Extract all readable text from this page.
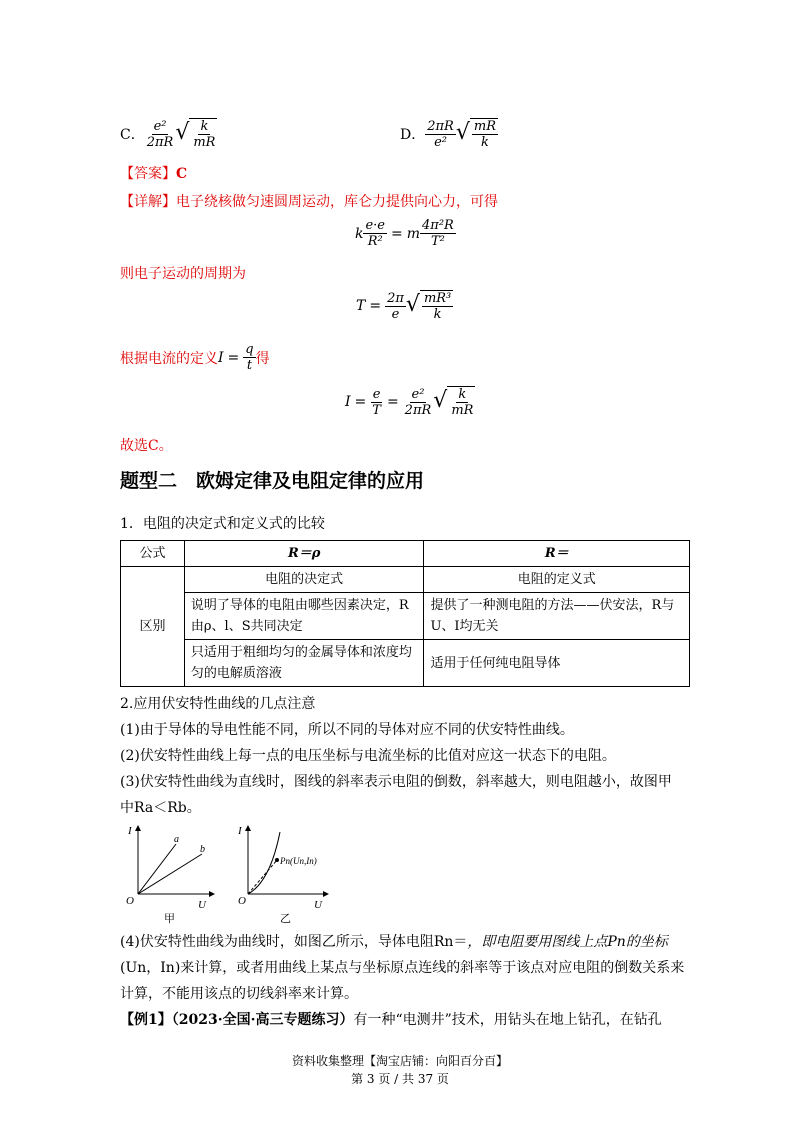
C． $\frac{\text{e²}}{2\pi R}$ √ $\frac{k}{mR}$	D． $\frac{2\pi R}{\text{e²}}$ √ $\frac{mR}{k}$
【答案】C
【详解】电子绕核做匀速圆周运动，库仑力提供向心力，可得
k $\frac{e\cdot e}{\text{R²}} = m \frac{\text{4π²R}}{\text{T²}}$
则电子运动的周期为
$T = \frac{2\pi}{e}$ √ $\frac{\text{mR³}}{k}$
根据电流的定义 $I = \frac{q}{t}$ 得
$I = \frac{e}{T} = \frac{\text{e²}}{2\pi R}$ √ $\frac{k}{mR}$
故选C。
题型二　欧姆定律及电阻定律的应用
1．电阻的决定式和定义式的比较
公式	R＝ρ	R＝
区别	电阻的决定式	电阻的定义式
	说明了导体的电阻由哪些因素决定，R由ρ、l、S共同决定	提供了一种测电阻的方法——伏安法，R与U、I均无关
	只适用于粗细均匀的金属导体和浓度均匀的电解质溶液	适用于任何纯电阻导体
2.应用伏安特性曲线的几点注意
(1)由于导体的导电性能不同，所以不同的导体对应不同的伏安特性曲线。
(2)伏安特性曲线上每一点的电压坐标与电流坐标的比值对应这一状态下的电阻。
(3)伏安特性曲线为直线时，图线的斜率表示电阻的倒数，斜率越大，则电阻越小，故图甲
中Ra＜Rb。
I
U
O
a
b
甲
I
U
O
Pn(Un,In)
乙
(4)伏安特性曲线为曲线时，如图乙所示，导体电阻Rn＝，即电阻要用图线上点Pn的坐标
(Un，In)来计算，或者用曲线上某点与坐标原点连线的斜率等于该点对应电阻的倒数关系来
计算，不能用该点的切线斜率来计算。
【例1】（2023·全国·高三专题练习）有一种“电测井”技术，用钻头在地上钻孔，在钻孔
资料收集整理【淘宝店铺：向阳百分百】
第 3 页 / 共 37 页
